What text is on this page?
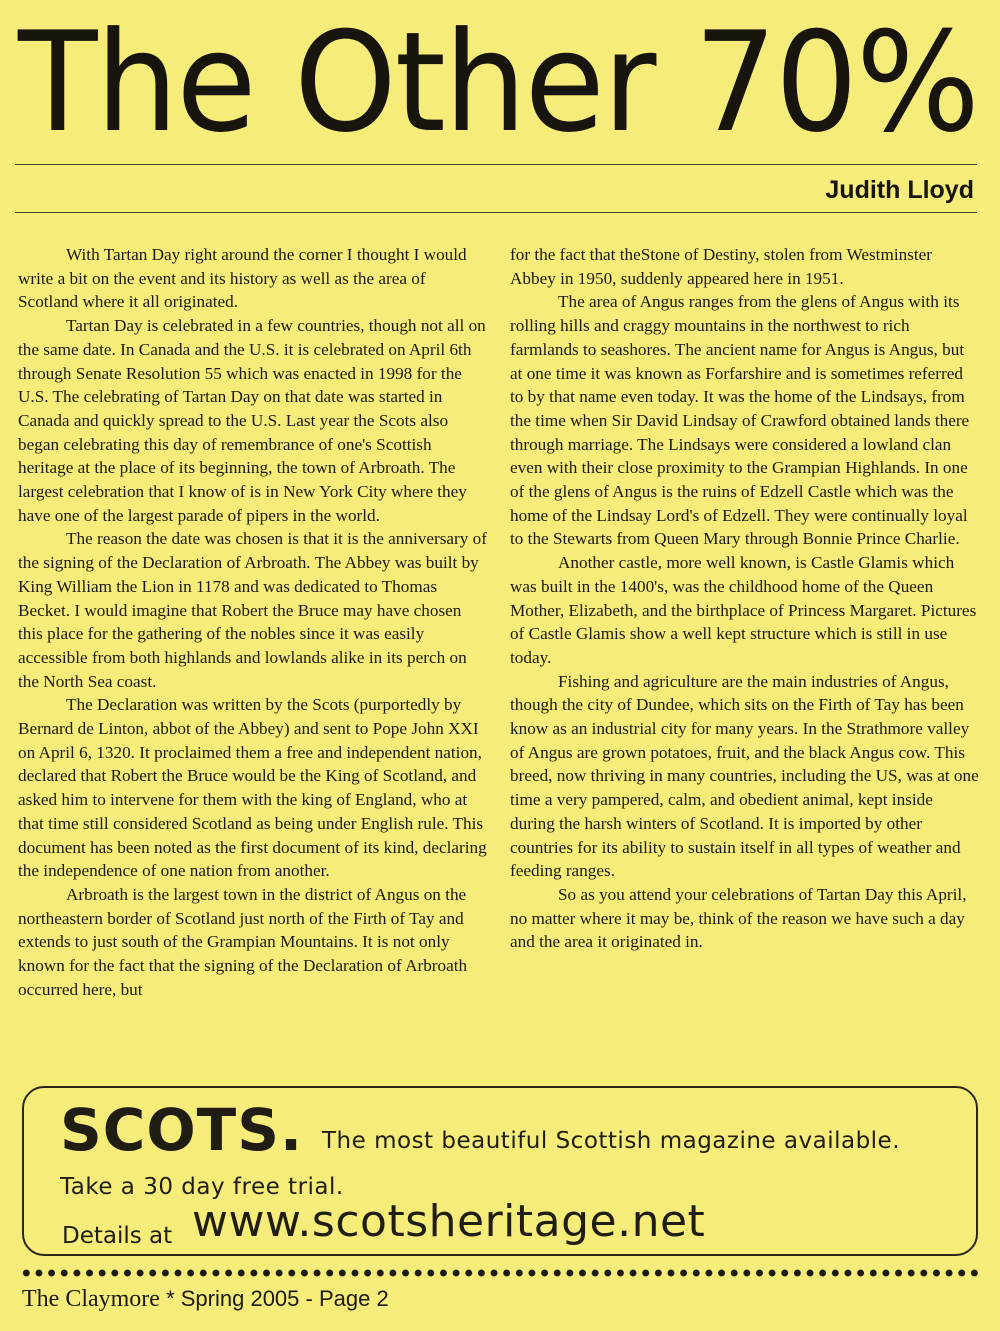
The Other 70%
Judith Lloyd

With Tartan Day right around the corner I thought I would write a bit on the event and its history as well as the area of Scotland where it all originated.

Tartan Day is celebrated in a few countries, though not all on the same date. In Canada and the U.S. it is celebrated on April 6th through Senate Resolution 55 which was enacted in 1998 for the U.S. The celebrating of Tartan Day on that date was started in Canada and quickly spread to the U.S. Last year the Scots also began celebrating this day of remembrance of one's Scottish heritage at the place of its beginning, the town of Arbroath. The largest celebration that I know of is in New York City where they have one of the largest parade of pipers in the world.

The reason the date was chosen is that it is the anniversary of the signing of the Declaration of Arbroath. The Abbey was built by King William the Lion in 1178 and was dedicated to Thomas Becket. I would imagine that Robert the Bruce may have chosen this place for the gathering of the nobles since it was easily accessible from both highlands and lowlands alike in its perch on the North Sea coast.

The Declaration was written by the Scots (purportedly by Bernard de Linton, abbot of the Abbey) and sent to Pope John XXI on April 6, 1320. It proclaimed them a free and independent nation, declared that Robert the Bruce would be the King of Scotland, and asked him to intervene for them with the king of England, who at that time still considered Scotland as being under English rule. This document has been noted as the first document of its kind, declaring the independence of one nation from another.

Arbroath is the largest town in the district of Angus on the northeastern border of Scotland just north of the Firth of Tay and extends to just south of the Grampian Mountains. It is not only known for the fact that the signing of the Declaration of Arbroath occurred here, but

for the fact that theStone of Destiny, stolen from Westminster Abbey in 1950, suddenly appeared here in 1951.

The area of Angus ranges from the glens of Angus with its rolling hills and craggy mountains in the northwest to rich farmlands to seashores. The ancient name for Angus is Angus, but at one time it was known as Forfarshire and is sometimes referred to by that name even today. It was the home of the Lindsays, from the time when Sir David Lindsay of Crawford obtained lands there through marriage. The Lindsays were considered a lowland clan even with their close proximity to the Grampian Highlands. In one of the glens of Angus is the ruins of Edzell Castle which was the home of the Lindsay Lord's of Edzell. They were continually loyal to the Stewarts from Queen Mary through Bonnie Prince Charlie.

Another castle, more well known, is Castle Glamis which was built in the 1400's, was the childhood home of the Queen Mother, Elizabeth, and the birthplace of Princess Margaret. Pictures of Castle Glamis show a well kept structure which is still in use today.

Fishing and agriculture are the main industries of Angus, though the city of Dundee, which sits on the Firth of Tay has been know as an industrial city for many years. In the Strathmore valley of Angus are grown potatoes, fruit, and the black Angus cow. This breed, now thriving in many countries, including the US, was at one time a very pampered, calm, and obedient animal, kept inside during the harsh winters of Scotland. It is imported by other countries for its ability to sustain itself in all types of weather and feeding ranges.

So as you attend your celebrations of Tartan Day this April, no matter where it may be, think of the reason we have such a day and the area it originated in.

SCOTS. The most beautiful Scottish magazine available.
Take a 30 day free trial.
Details at www.scotsheritage.net
The Claymore * Spring 2005 - Page 2
